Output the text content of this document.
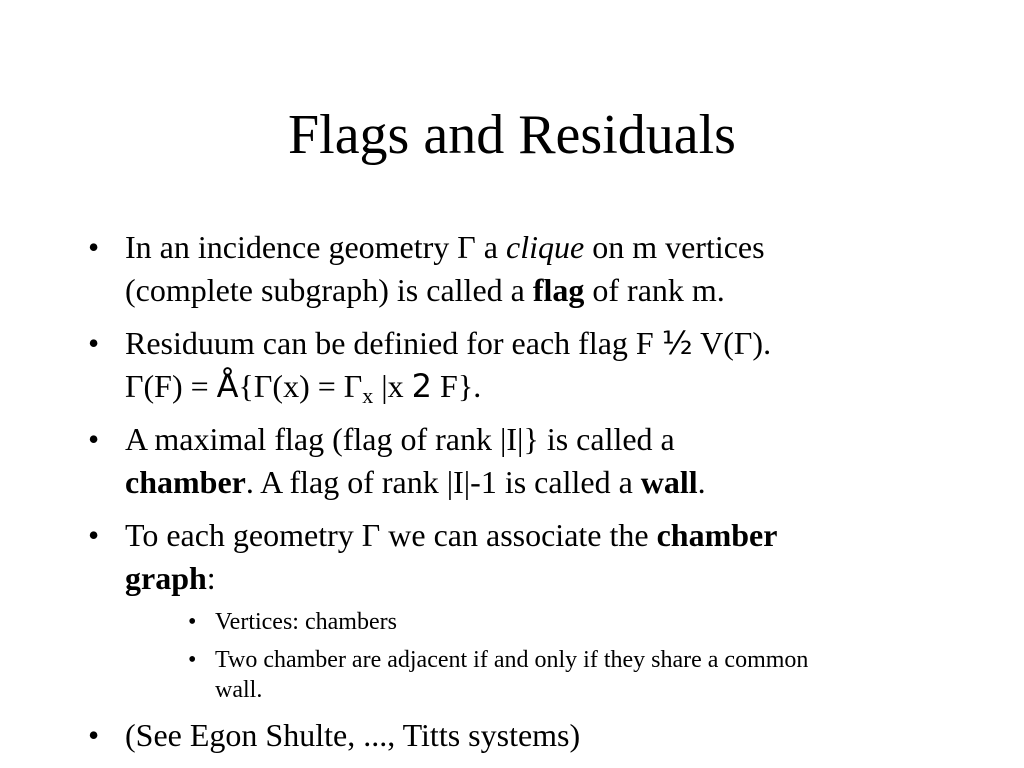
Flags and Residuals
• In an incidence geometry Γ a clique on m vertices
(complete subgraph) is called a flag of rank m.
• Residuum can be definied for each flag F ½ V(Γ).
Γ(F) = Å{Γ(x) = $\Gamma_x$ |x 2 F}.
• A maximal flag (flag of rank |I|} is called a
chamber. A flag of rank |I|-1 is called a wall.
• To each geometry Γ we can associate the chamber
graph:
• Vertices: chambers
• Two chamber are adjacent if and only if they share a common
wall.
• (See Egon Shulte, ..., Titts systems)
